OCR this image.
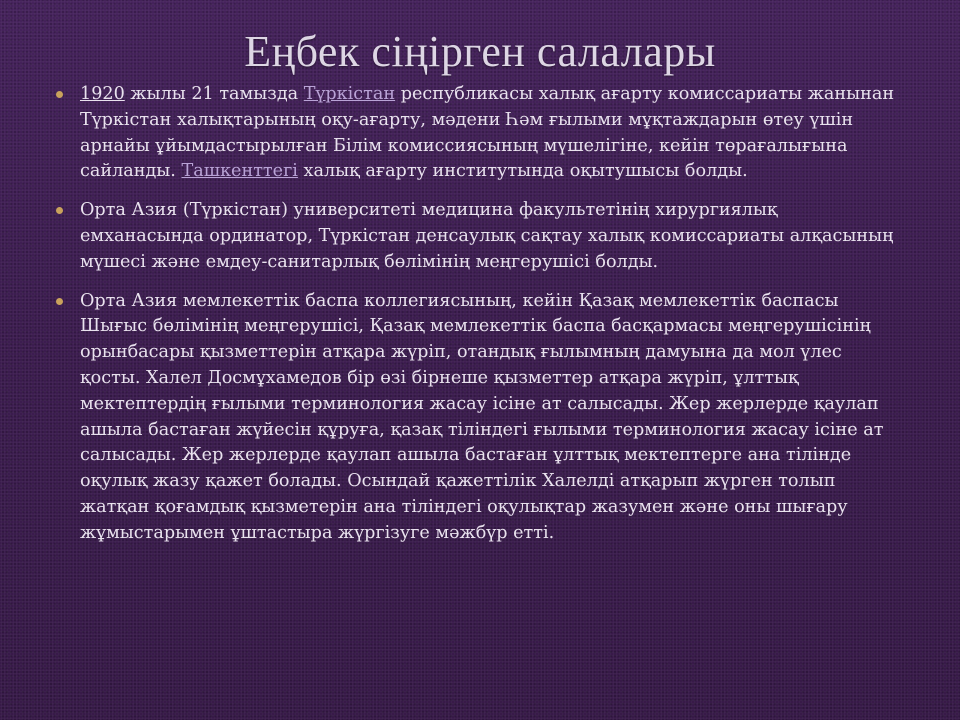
Еңбек сіңірген салалары
1920 жылы 21 тамызда Түркістан республикасы халық ағарту комиссариаты жанынан Түркістан халықтарының оқу-ағарту, мәдени Һәм ғылыми мұқтаждарын өтеу үшін арнайы ұйымдастырылған Білім комиссиясының мүшелігіне, кейін төрағалығына сайланды. Ташкенттегі халық ағарту институтында оқытушысы болды.
Орта Азия (Түркістан) университеті медицина факультетінің хирургиялық емханасында ординатор, Түркістан денсаулық сақтау халық комиссариаты алқасының мүшесі және емдеу-санитарлық бөлімінің меңгерушісі болды.
Орта Азия мемлекеттік баспа коллегиясының, кейін Қазақ мемлекеттік баспасы Шығыс бөлімінің меңгерушісі, Қазақ мемлекеттік баспа басқармасы меңгерушісінің орынбасары қызметтерін атқара жүріп, отандық ғылымның дамуына да мол үлес қосты. Халел Досмұхамедов бір өзі бірнеше қызметтер атқара жүріп, ұлттық мектептердің ғылыми терминология жасау ісіне ат салысады. Жер жерлерде қаулап ашыла бастаған жүйесін құруға, қазақ тіліндегі ғылыми терминология жасау ісіне ат салысады. Жер жерлерде қаулап ашыла бастаған ұлттық мектептерге ана тілінде оқулық жазу қажет болады. Осындай қажеттілік Халелді атқарып жүрген толып жатқан қоғамдық қызметерін ана тіліндегі оқулықтар жазумен және оны шығару жұмыстарымен ұштастыра жүргізуге мәжбүр етті.
